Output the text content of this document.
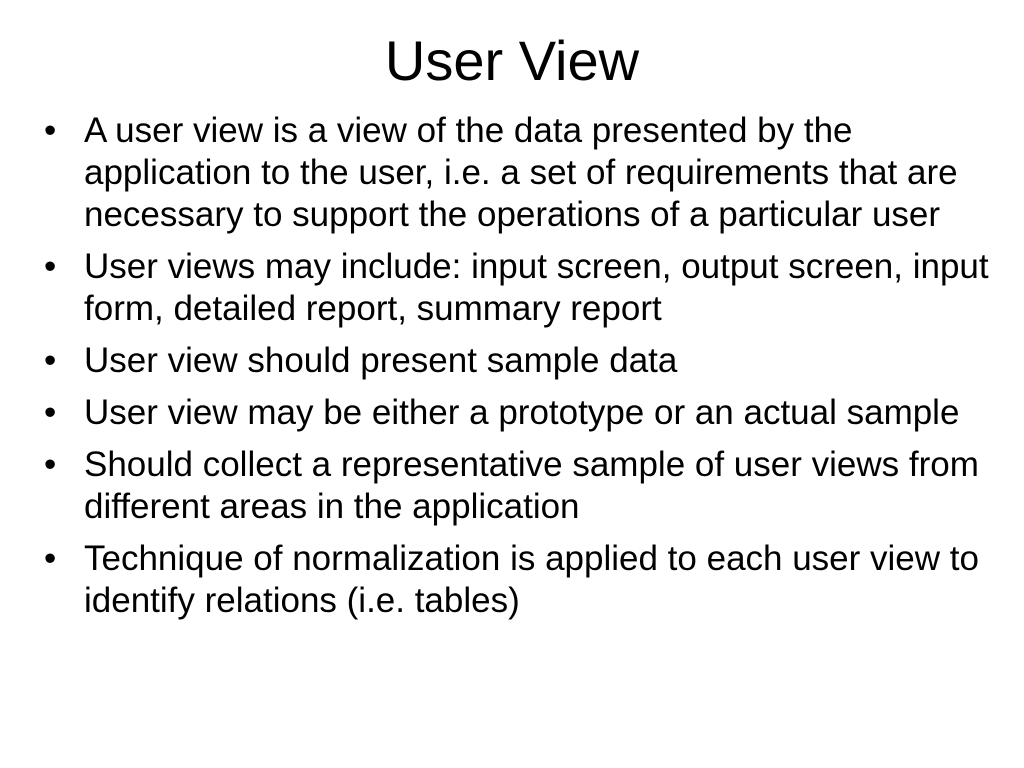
User View
• A user view is a view of the data presented by the application to the user, i.e. a set of requirements that are necessary to support the operations of a particular user
• User views may include: input screen, output screen, input form, detailed report, summary report
• User view should present sample data
• User view may be either a prototype or an actual sample
• Should collect a representative sample of user views from different areas in the application
• Technique of normalization is applied to each user view to identify relations (i.e. tables)
